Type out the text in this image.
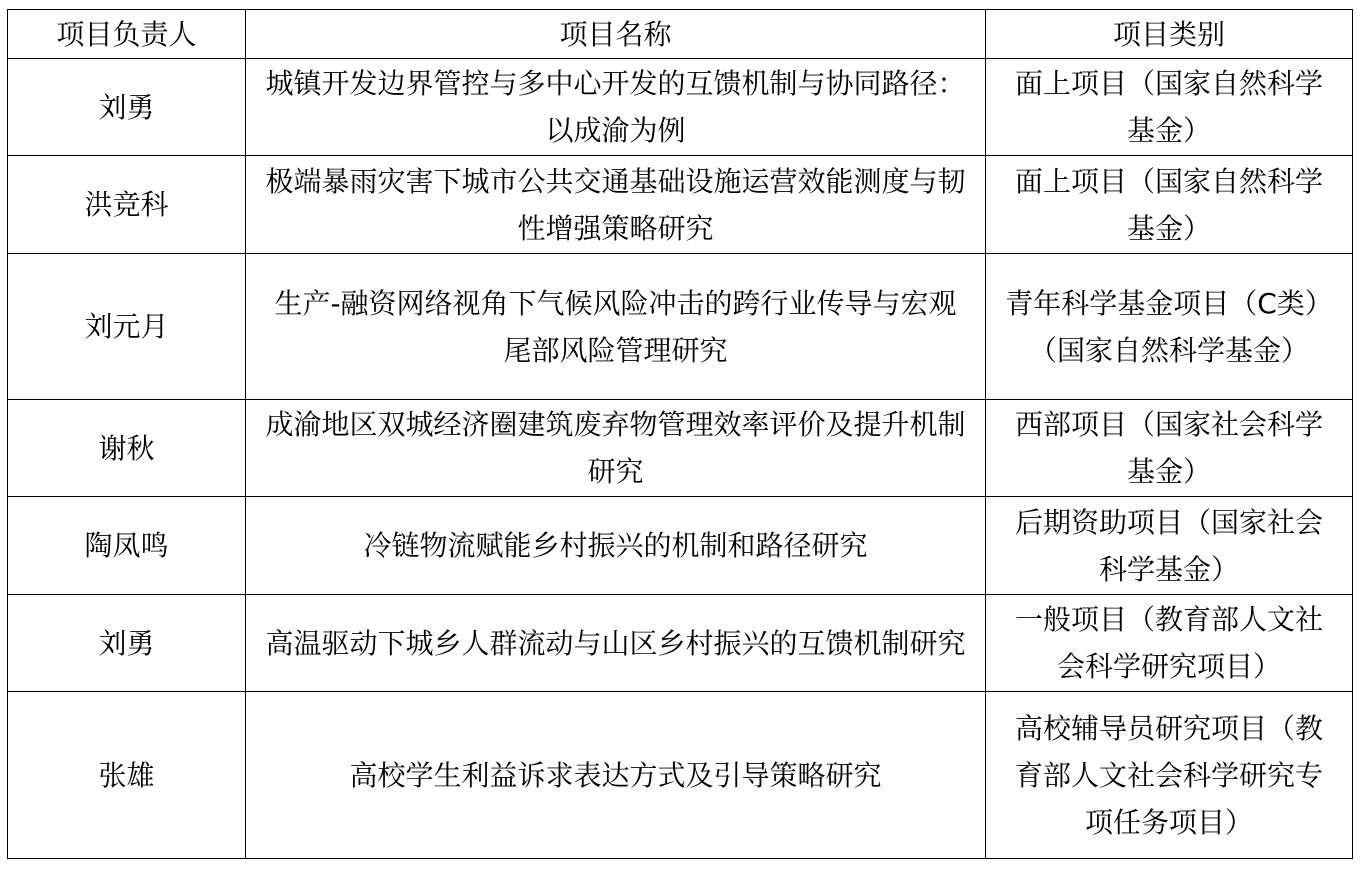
项目负责人	项目名称	项目类别
刘勇	城镇开发边界管控与多中心开发的互馈机制与协同路径：以成渝为例	面上项目（国家自然科学基金）
洪竞科	极端暴雨灾害下城市公共交通基础设施运营效能测度与韧性增强策略研究	面上项目（国家自然科学基金）
刘元月	生产-融资网络视角下气候风险冲击的跨行业传导与宏观尾部风险管理研究	青年科学基金项目（C类）（国家自然科学基金）
谢秋	成渝地区双城经济圈建筑废弃物管理效率评价及提升机制研究	西部项目（国家社会科学基金）
陶凤鸣	冷链物流赋能乡村振兴的机制和路径研究	后期资助项目（国家社会科学基金）
刘勇	高温驱动下城乡人群流动与山区乡村振兴的互馈机制研究	一般项目（教育部人文社会科学研究项目）
张雄	高校学生利益诉求表达方式及引导策略研究	高校辅导员研究项目（教育部人文社会科学研究专项任务项目）
